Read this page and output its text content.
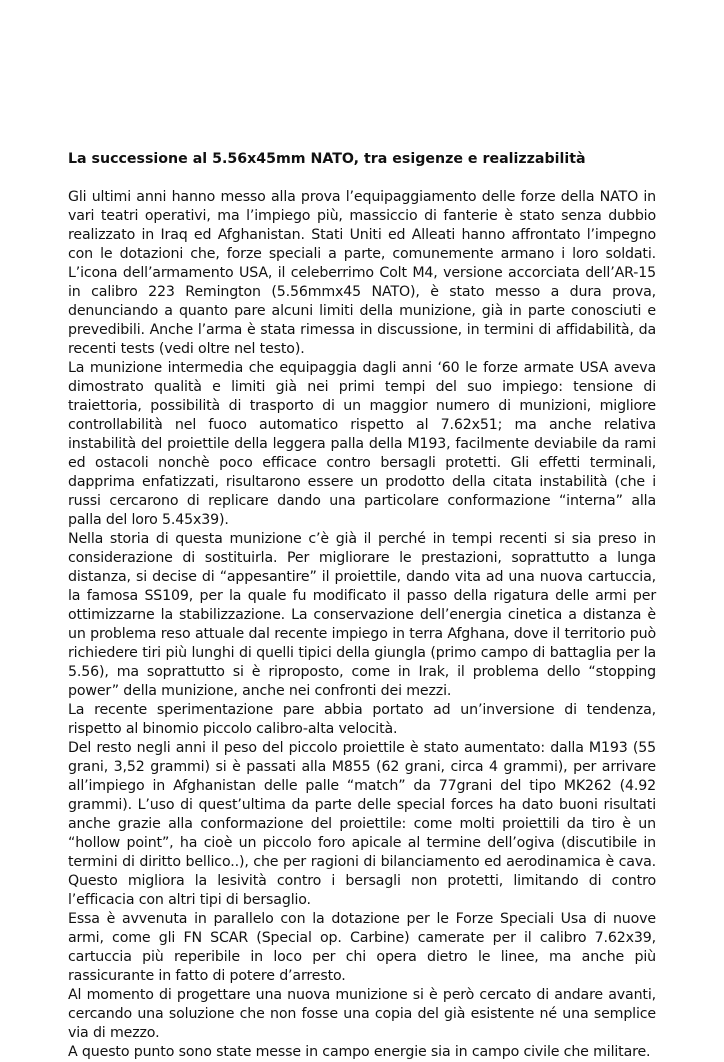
La successione al 5.56x45mm NATO, tra esigenze e realizzabilità

Gli ultimi anni hanno messo alla prova l’equipaggiamento delle forze della NATO in vari teatri operativi, ma l’impiego più, massiccio di fanterie è stato senza dubbio realizzato in Iraq ed Afghanistan. Stati Uniti ed Alleati hanno affrontato l’impegno con le dotazioni che, forze speciali a parte, comunemente armano i loro soldati. L’icona dell’armamento USA, il celeberrimo Colt M4, versione accorciata dell’AR-15 in calibro 223 Remington (5.56mmx45 NATO), è stato messo a dura prova, denunciando a quanto pare alcuni limiti della munizione, già in parte conosciuti e prevedibili. Anche l’arma è stata rimessa in discussione, in termini di affidabilità, da recenti tests (vedi oltre nel testo).

La munizione intermedia che equipaggia dagli anni ‘60 le forze armate USA aveva dimostrato qualità e limiti già nei primi tempi del suo impiego: tensione di traiettoria, possibilità di trasporto di un maggior numero di munizioni, migliore controllabilità nel fuoco automatico rispetto al 7.62x51; ma anche relativa instabilità del proiettile della leggera palla della M193, facilmente deviabile da rami ed ostacoli nonchè poco efficace contro bersagli protetti. Gli effetti terminali, dapprima enfatizzati, risultarono essere un prodotto della citata instabilità (che i russi cercarono di replicare dando una particolare conformazione “interna” alla palla del loro 5.45x39).

Nella storia di questa munizione c’è già il perché in tempi recenti si sia preso in considerazione di sostituirla. Per migliorare le prestazioni, soprattutto a lunga distanza, si decise di “appesantire” il proiettile, dando vita ad una nuova cartuccia, la famosa SS109, per la quale fu modificato il passo della rigatura delle armi per ottimizzarne la stabilizzazione. La conservazione dell’energia cinetica a distanza è un problema reso attuale dal recente impiego in terra Afghana, dove il territorio può richiedere tiri più lunghi di quelli tipici della giungla (primo campo di battaglia per la 5.56), ma soprattutto si è riproposto, come in Irak, il problema dello “stopping power” della munizione, anche nei confronti dei mezzi.

La recente sperimentazione pare abbia portato ad un’inversione di tendenza, rispetto al binomio piccolo calibro-alta velocità.

Del resto negli anni il peso del piccolo proiettile è stato aumentato: dalla M193 (55 grani, 3,52 grammi) si è passati alla M855 (62 grani, circa 4 grammi), per arrivare all’impiego in Afghanistan delle palle “match” da 77grani del tipo MK262 (4.92 grammi). L’uso di quest’ultima da parte delle special forces ha dato buoni risultati anche grazie alla conformazione del proiettile: come molti proiettili da tiro è un “hollow point”, ha cioè un piccolo foro apicale al termine dell’ogiva (discutibile in termini di diritto bellico..), che per ragioni di bilanciamento ed aerodinamica è cava. Questo migliora la lesività contro i bersagli non protetti, limitando di contro l’efficacia con altri tipi di bersaglio.

Essa è avvenuta in parallelo con la dotazione per le Forze Speciali Usa di nuove armi, come gli FN SCAR (Special op. Carbine) camerate per il calibro 7.62x39, cartuccia più reperibile in loco per chi opera dietro le linee, ma anche più rassicurante in fatto di potere d’arresto.

Al momento di progettare una nuova munizione si è però cercato di andare avanti, cercando una soluzione che non fosse una copia del già esistente né una semplice via di mezzo.

A questo punto sono state messe in campo energie sia in campo civile che militare.
